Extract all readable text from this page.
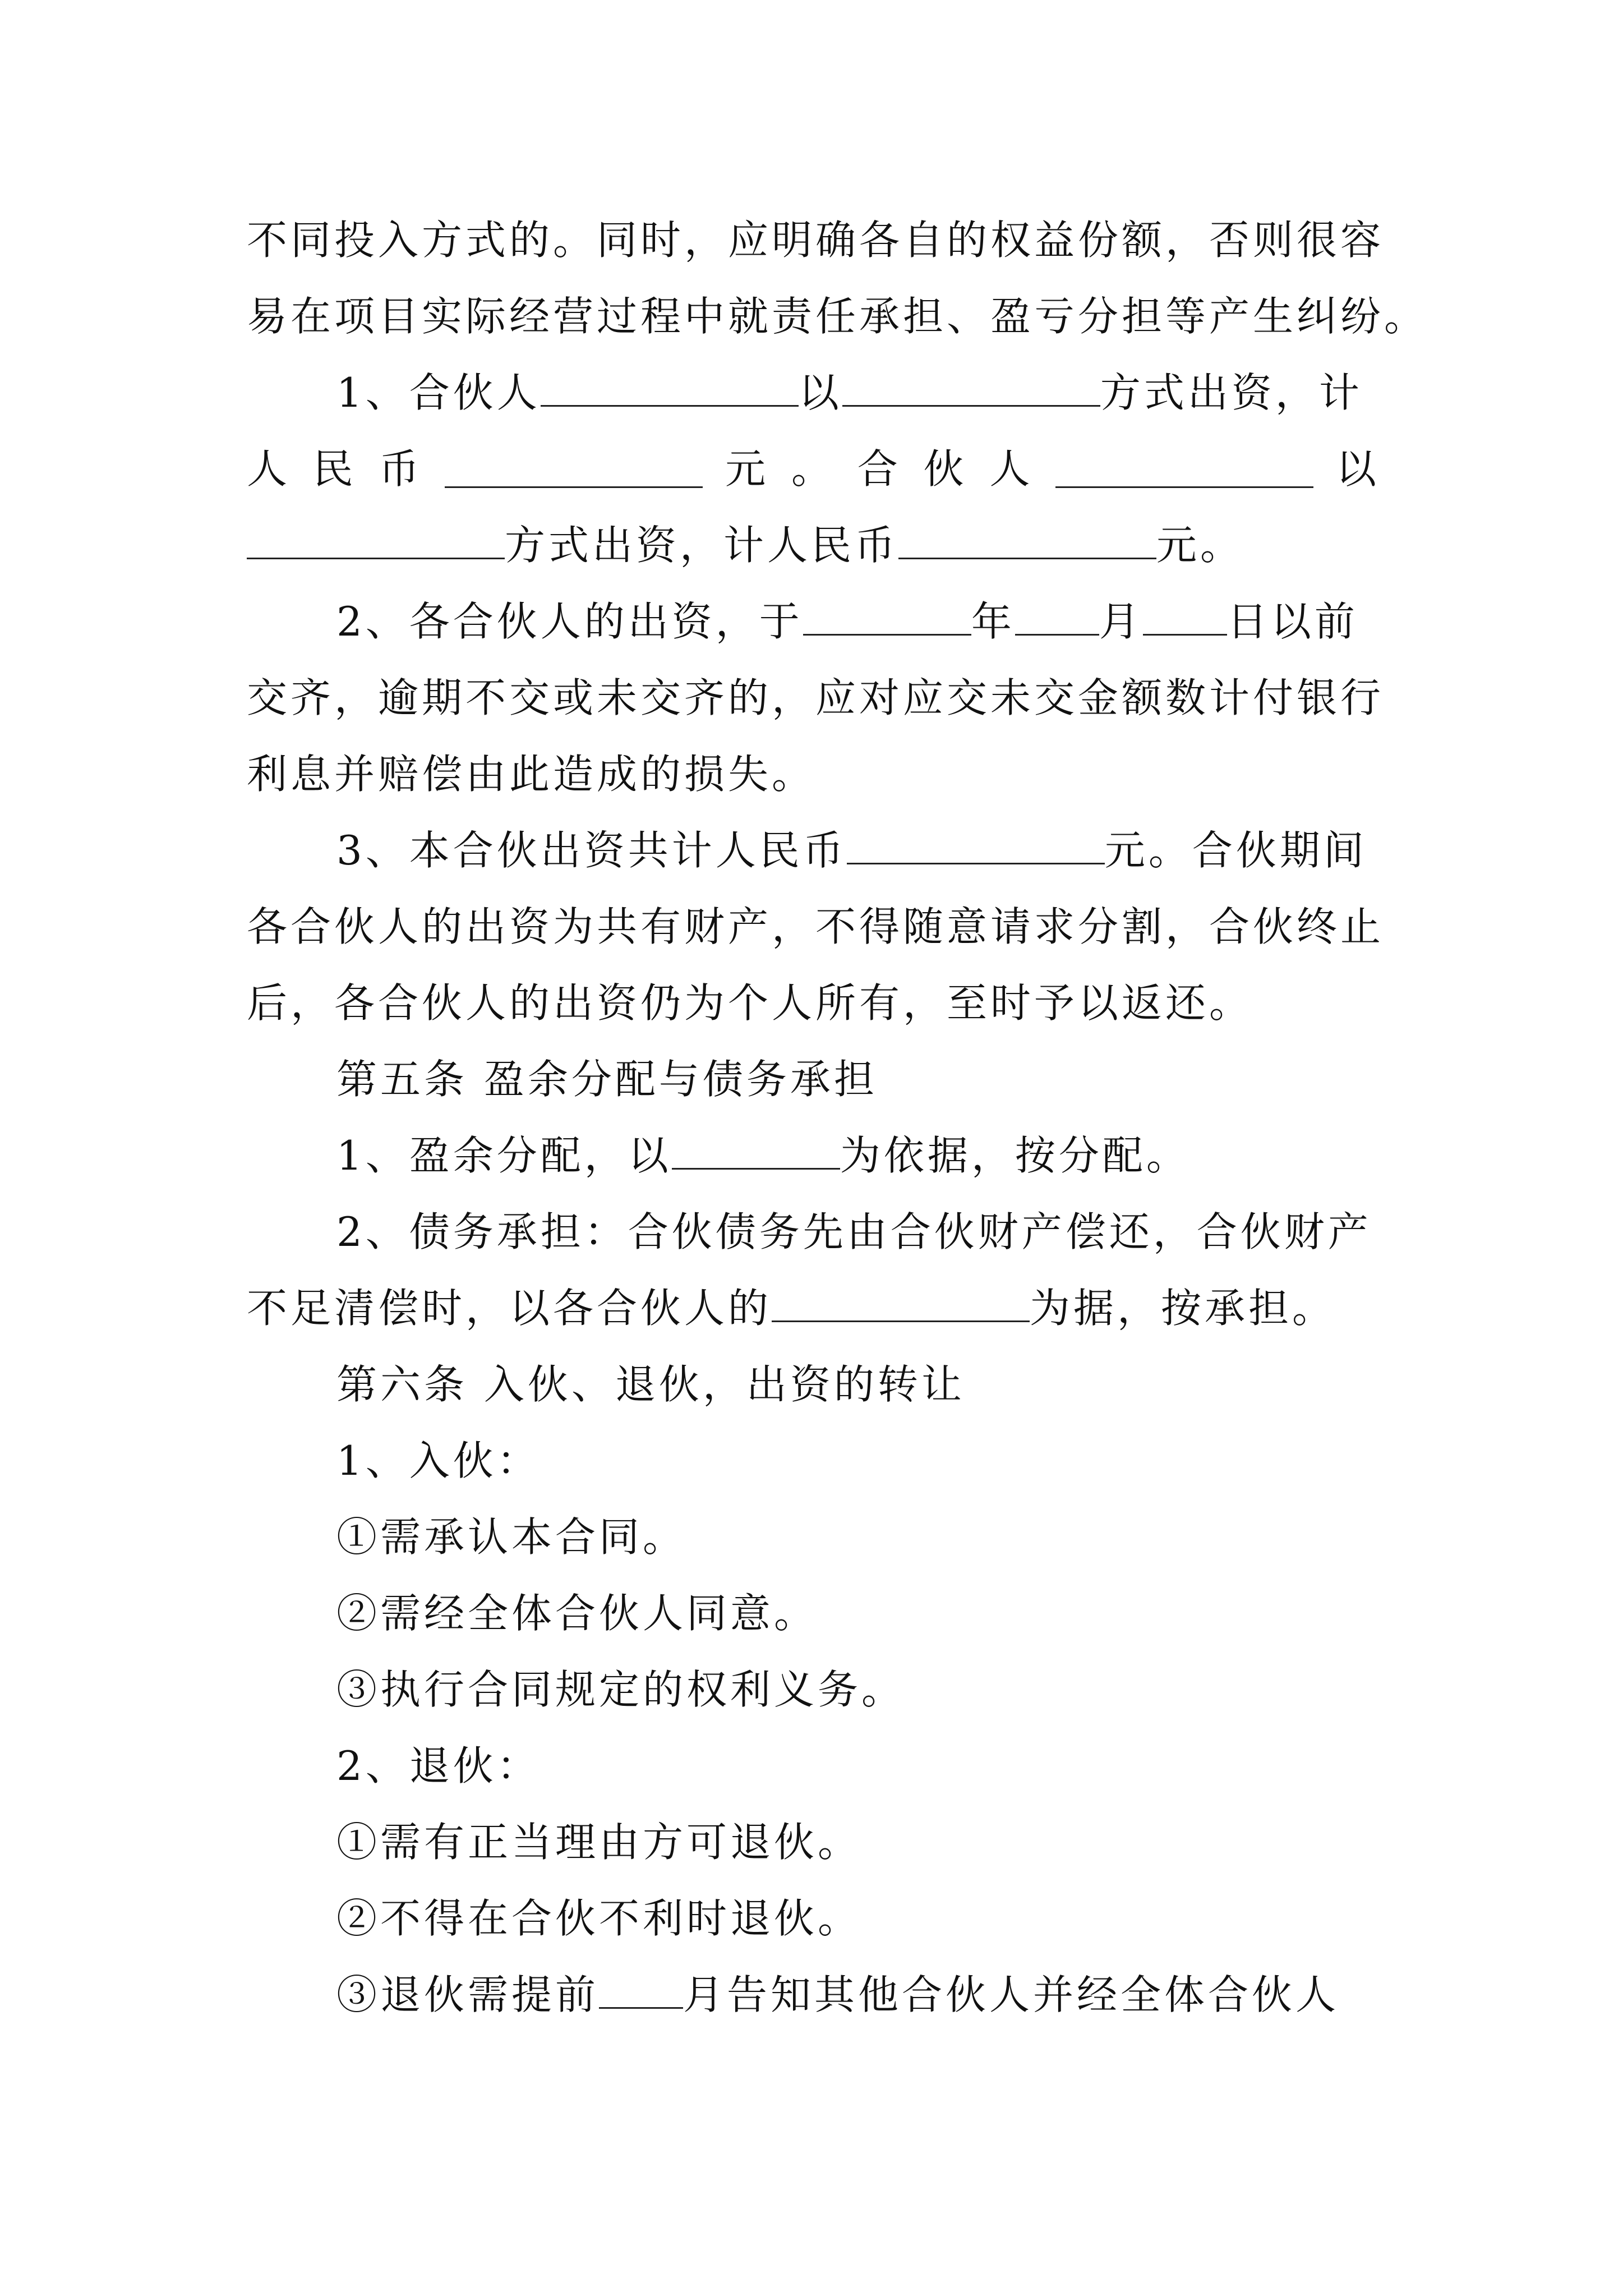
不同投入方式的。同时，应明确各自的权益份额，否则很容
易在项目实际经营过程中就责任承担、盈亏分担等产生纠纷。
1、合伙人	以	方式出资，计
人 民 币	元 。 合 伙 人	以
方式出资，计人民币	元。
2、各合伙人的出资，于	年 月 日以前
交齐，逾期不交或未交齐的，应对应交未交金额数计付银行
利息并赔偿由此造成的损失。
3、本合伙出资共计人民币	元。合伙期间
各合伙人的出资为共有财产，不得随意请求分割，合伙终止
后，各合伙人的出资仍为个人所有，至时予以返还。
第五条 盈余分配与债务承担
1、盈余分配，以	为依据，按分配。
2、债务承担：合伙债务先由合伙财产偿还，合伙财产
不足清偿时，以各合伙人的	为据，按承担。
第六条 入伙、退伙，出资的转让
1、入伙：
①需承认本合同。
②需经全体合伙人同意。
③执行合同规定的权利义务。
2、退伙：
①需有正当理由方可退伙。
②不得在合伙不利时退伙。
③退伙需提前 月告知其他合伙人并经全体合伙人
